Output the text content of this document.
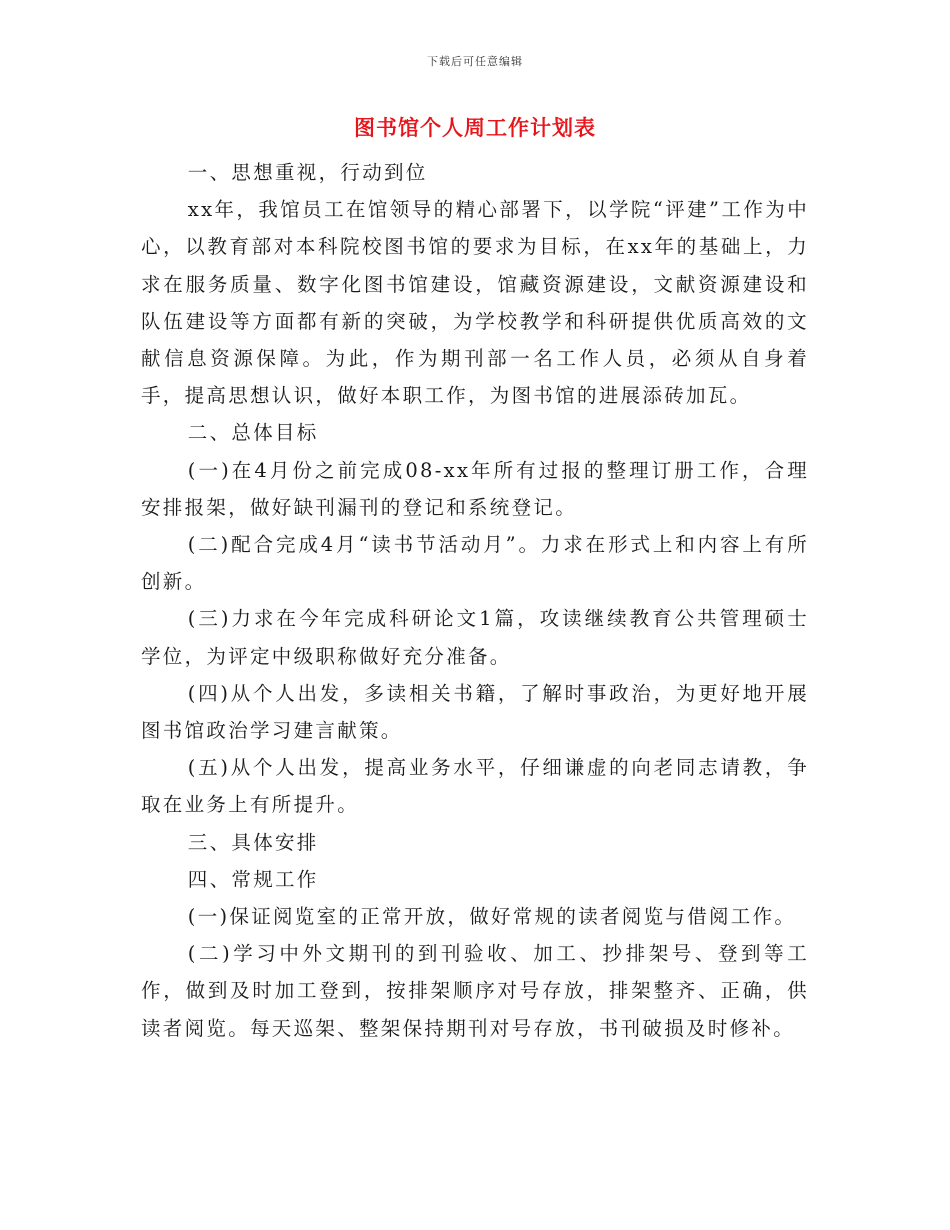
下载后可任意编辑
图书馆个人周工作计划表

一、思想重视，行动到位

xx年，我馆员工在馆领导的精心部署下，以学院“评建”工作为中心，以教育部对本科院校图书馆的要求为目标，在xx年的基础上，力求在服务质量、数字化图书馆建设，馆藏资源建设，文献资源建设和队伍建设等方面都有新的突破，为学校教学和科研提供优质高效的文献信息资源保障。为此，作为期刊部一名工作人员，必须从自身着手，提高思想认识，做好本职工作，为图书馆的进展添砖加瓦。

二、总体目标

(一)在4月份之前完成08-xx年所有过报的整理订册工作，合理安排报架，做好缺刊漏刊的登记和系统登记。

(二)配合完成4月“读书节活动月”。力求在形式上和内容上有所创新。

(三)力求在今年完成科研论文1篇，攻读继续教育公共管理硕士学位，为评定中级职称做好充分准备。

(四)从个人出发，多读相关书籍，了解时事政治，为更好地开展图书馆政治学习建言献策。

(五)从个人出发，提高业务水平，仔细谦虚的向老同志请教，争取在业务上有所提升。

三、具体安排

四、常规工作

(一)保证阅览室的正常开放，做好常规的读者阅览与借阅工作。

(二)学习中外文期刊的到刊验收、加工、抄排架号、登到等工作，做到及时加工登到，按排架顺序对号存放，排架整齐、正确，供读者阅览。每天巡架、整架保持期刊对号存放，书刊破损及时修补。
